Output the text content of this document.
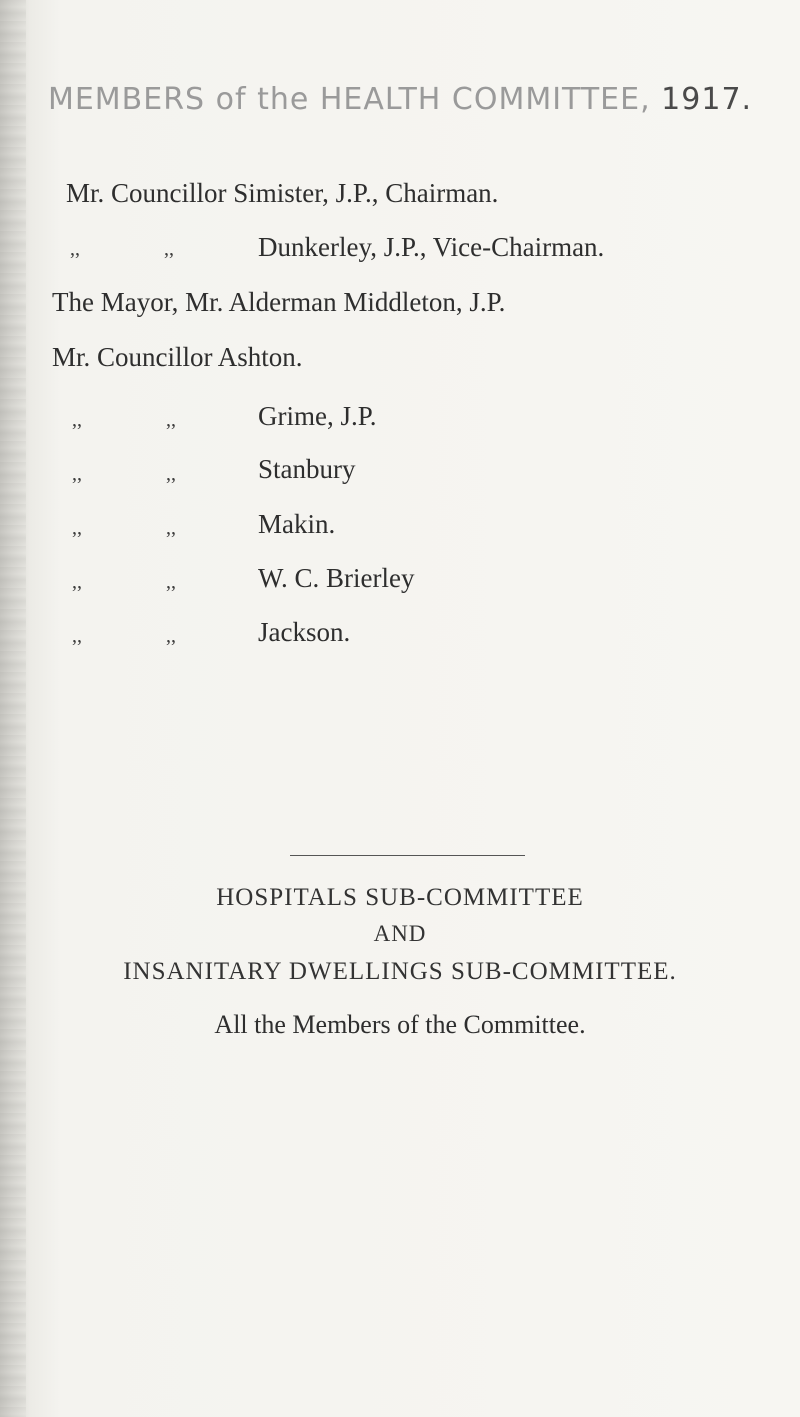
MEMBERS of the HEALTH COMMITTEE, 1917.
Mr. Councillor Simister, J.P., Chairman.
,,	,,	Dunkerley, J.P., Vice-Chairman.
The Mayor, Mr. Alderman Middleton, J.P.
Mr. Councillor Ashton.
,,	,,	Grime, J.P.
,,	,,	Stanbury
,,	,,	Makin.
,,	,,	W. C. Brierley
,,	,,	Jackson.
HOSPITALS SUB-COMMITTEE
AND
INSANITARY DWELLINGS SUB-COMMITTEE.
All the Members of the Committee.
